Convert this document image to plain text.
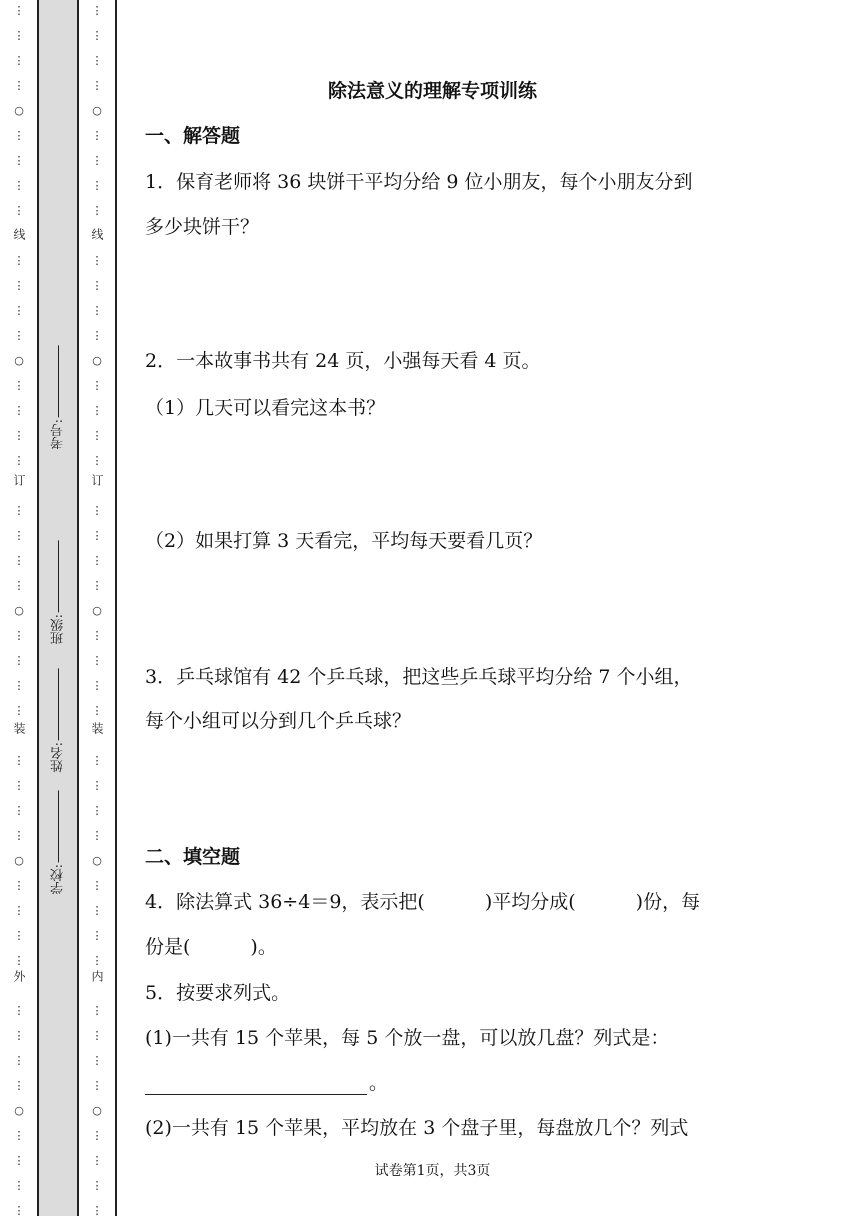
线
订
装
外
⋮
⋮
⋮
⋮
○
⋮
⋮
⋮
⋮
⋮
⋮
⋮
⋮
○
⋮
⋮
⋮
⋮
⋮
⋮
⋮
⋮
○
⋮
⋮
⋮
⋮
⋮
⋮
⋮
⋮
○
⋮
⋮
⋮
⋮
⋮
⋮
⋮
⋮
○
⋮
⋮
⋮
⋮
线
订
装
内
⋮
⋮
⋮
⋮
○
⋮
⋮
⋮
⋮
⋮
⋮
⋮
⋮
○
⋮
⋮
⋮
⋮
⋮
⋮
⋮
⋮
○
⋮
⋮
⋮
⋮
⋮
⋮
⋮
⋮
○
⋮
⋮
⋮
⋮
⋮
⋮
⋮
⋮
○
⋮
⋮
⋮
⋮
考号:
班级:
姓名:
学校:
除法意义的理解专项训练
一、解答题
1．保育老师将 36 块饼干平均分给 9 位小朋友，每个小朋友分到
多少块饼干？
2．一本故事书共有 24 页，小强每天看 4 页。
（1）几天可以看完这本书？
（2）如果打算 3 天看完，平均每天要看几页？
3．乒乓球馆有 42 个乒乓球，把这些乒乓球平均分给 7 个小组，
每个小组可以分到几个乒乓球？
二、填空题
4．除法算式 36÷4＝9，表示把(	)平均分成(	)份，每
份是(	)。
5．按要求列式。
(1)一共有 15 个苹果，每 5 个放一盘，可以放几盘？列式是：
。
(2)一共有 15 个苹果，平均放在 3 个盘子里，每盘放几个？列式
试卷第1页，共3页
